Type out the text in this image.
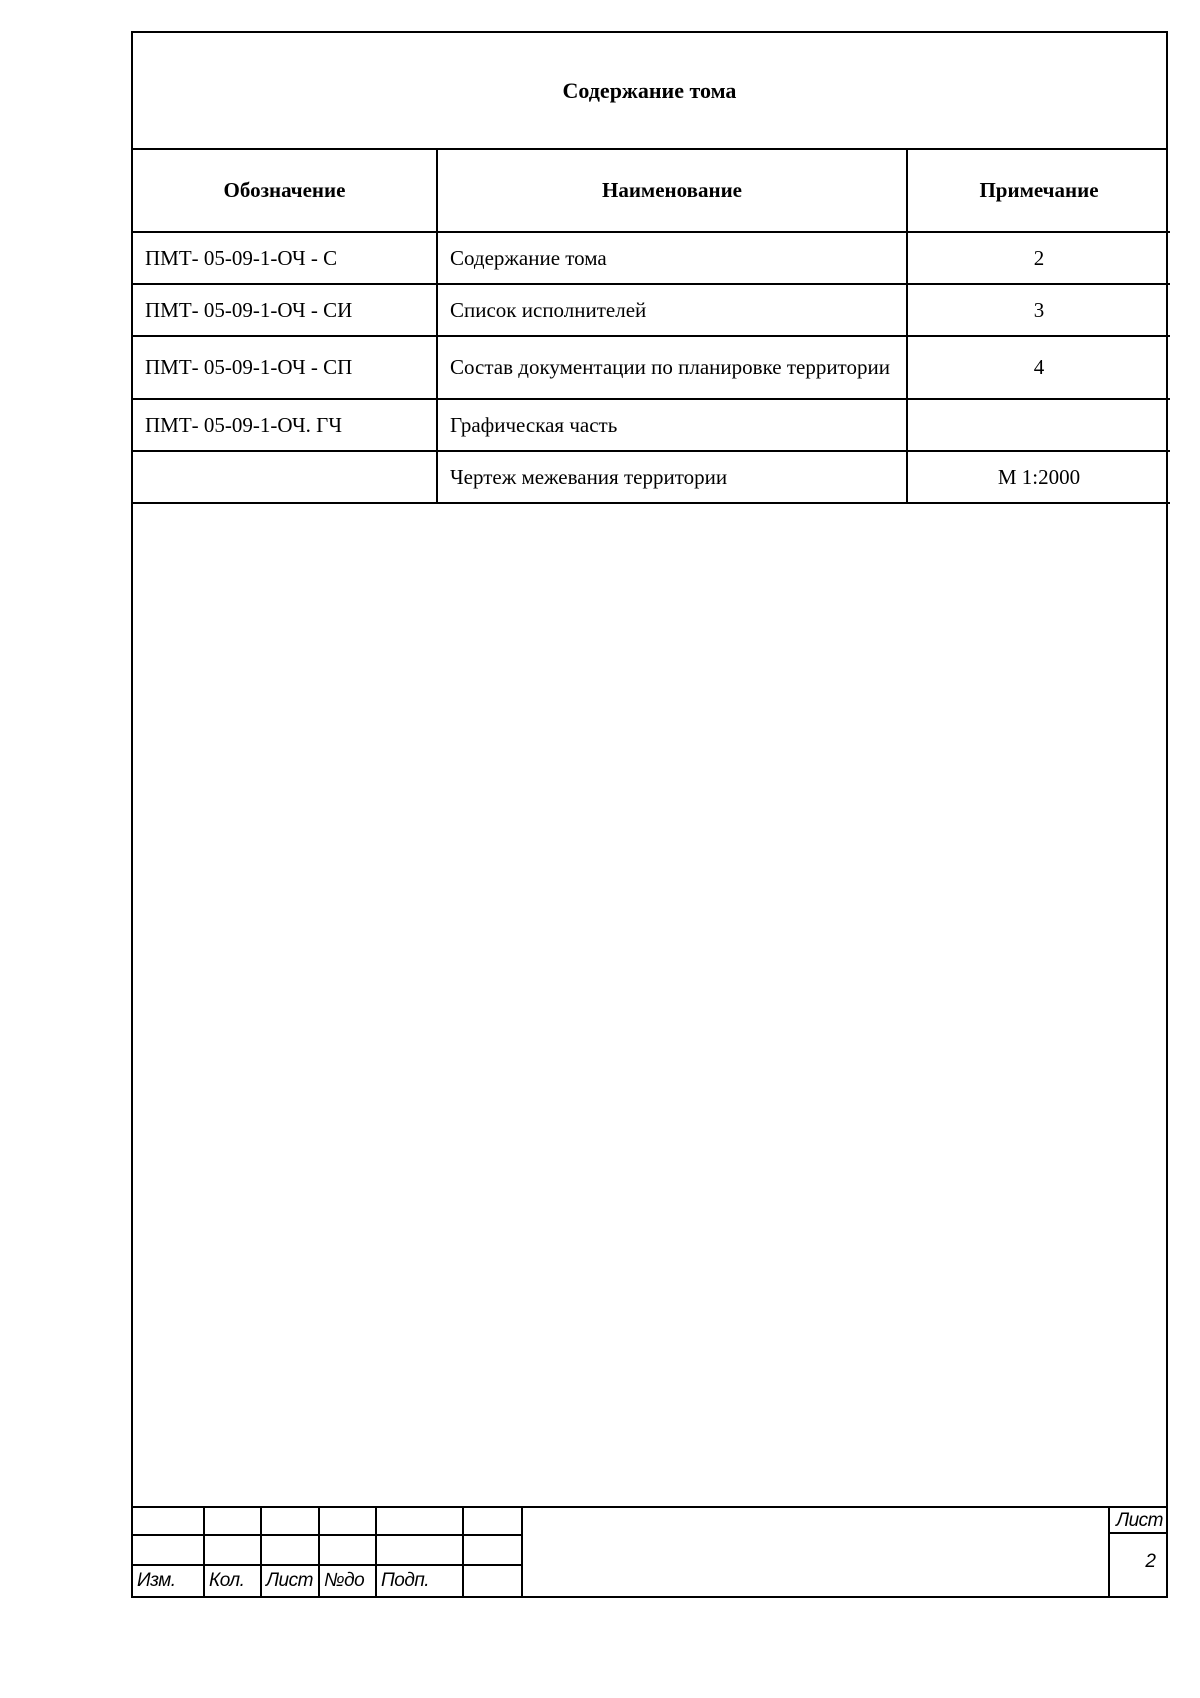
Содержание тома
Обозначение	Наименование	Примечание
ПМТ- 05-09-1-ОЧ - С	Содержание тома	2
ПМТ- 05-09-1-ОЧ - СИ	Список исполнителей	3
ПМТ- 05-09-1-ОЧ - СП	Состав документации по планировке территории	4
ПМТ- 05-09-1-ОЧ. ГЧ	Графическая часть	
	Чертеж межевания территории	М 1:2000

Изм.	Кол.	Лист	№до	Подп.	
Лист
2
